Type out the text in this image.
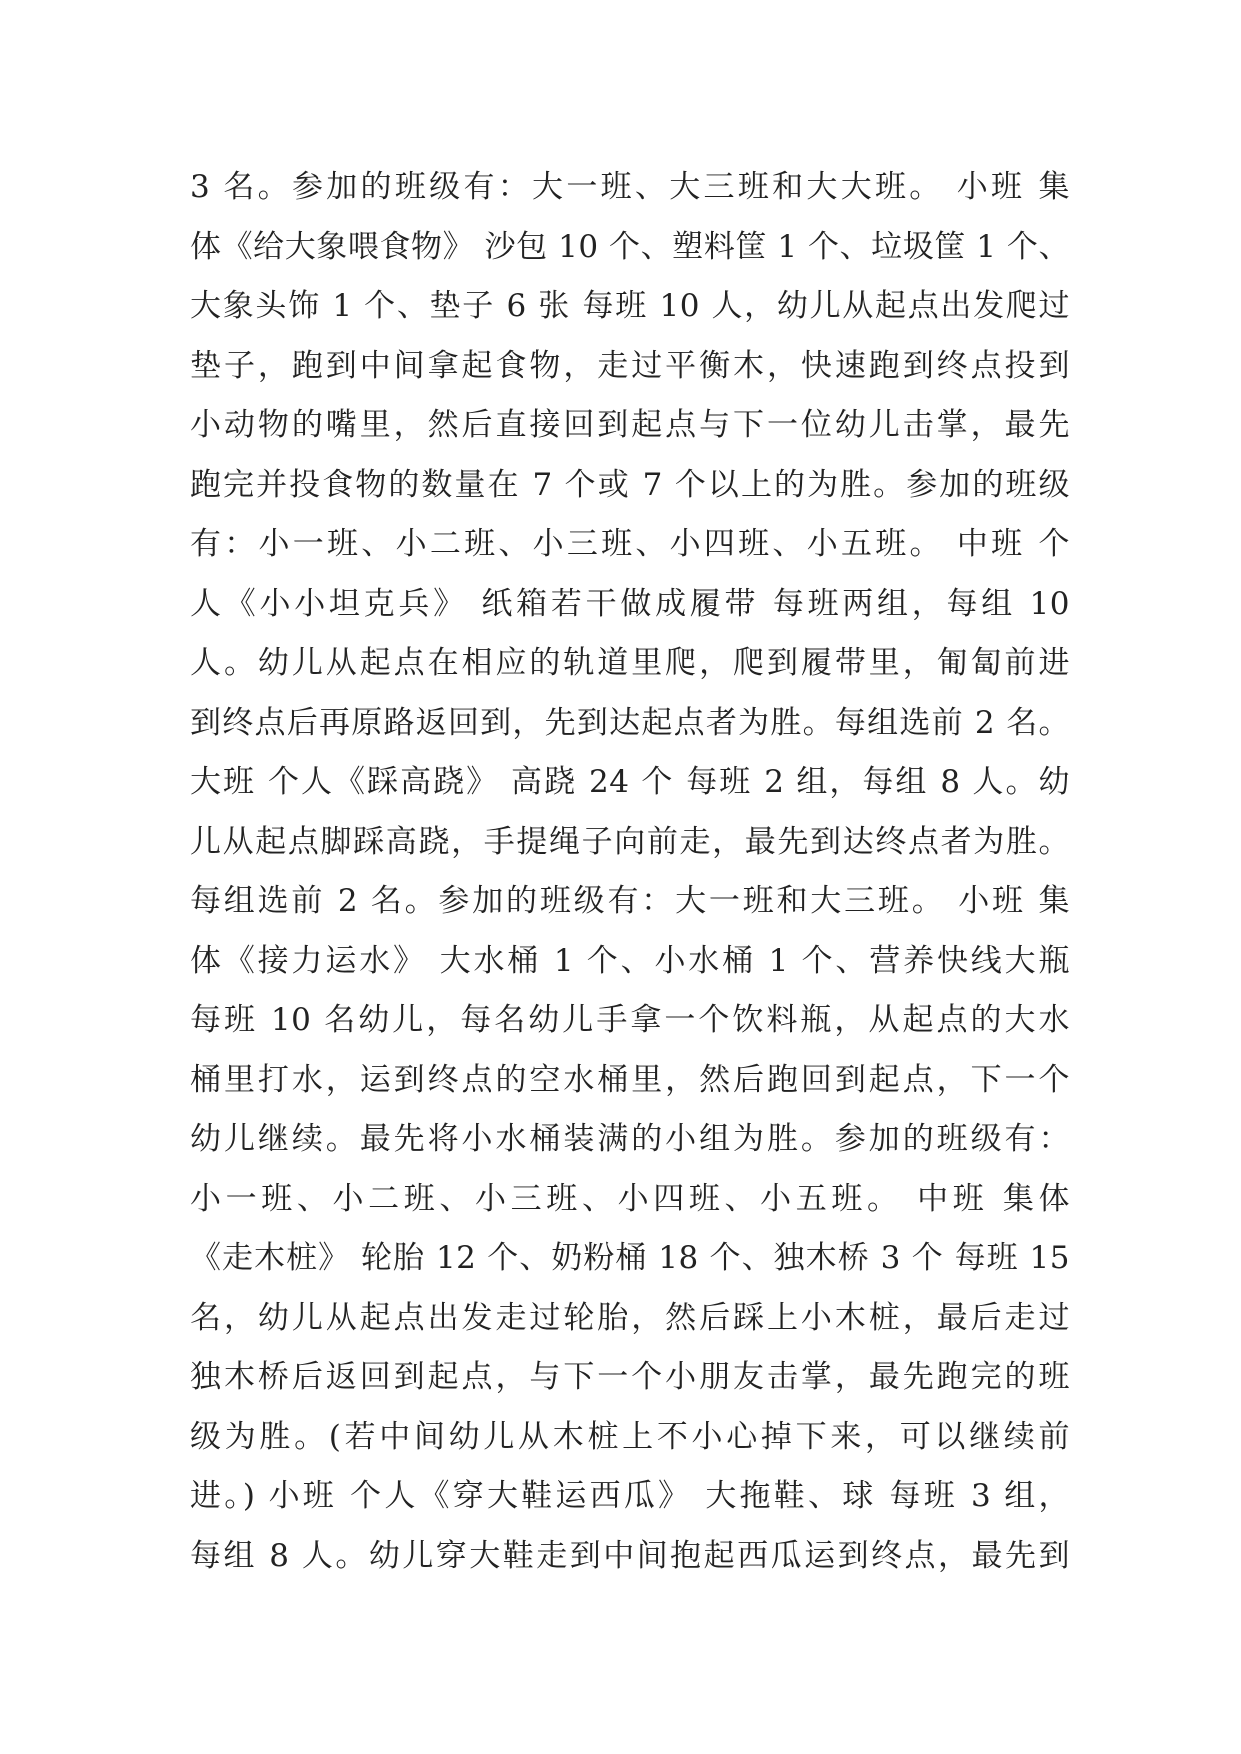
3 名。参加的班级有：大一班、大三班和大大班。 小班 集
体《给大象喂食物》 沙包 10 个、塑料筐 1 个、垃圾筐 1 个、
大象头饰 1 个、垫子 6 张 每班 10 人，幼儿从起点出发爬过
垫子，跑到中间拿起食物，走过平衡木，快速跑到终点投到
小动物的嘴里，然后直接回到起点与下一位幼儿击掌，最先
跑完并投食物的数量在 7 个或 7 个以上的为胜。参加的班级
有：小一班、小二班、小三班、小四班、小五班。 中班 个
人《小小坦克兵》 纸箱若干做成履带 每班两组，每组 10
人。幼儿从起点在相应的轨道里爬，爬到履带里，匍匐前进
到终点后再原路返回到，先到达起点者为胜。每组选前 2 名。
大班 个人《踩高跷》 高跷 24 个 每班 2 组，每组 8 人。幼
儿从起点脚踩高跷，手提绳子向前走，最先到达终点者为胜。
每组选前 2 名。参加的班级有：大一班和大三班。 小班 集
体《接力运水》 大水桶 1 个、小水桶 1 个、营养快线大瓶
每班 10 名幼儿，每名幼儿手拿一个饮料瓶，从起点的大水
桶里打水，运到终点的空水桶里，然后跑回到起点，下一个
幼儿继续。最先将小水桶装满的小组为胜。参加的班级有：
小一班、小二班、小三班、小四班、小五班。 中班 集体
《走木桩》 轮胎 12 个、奶粉桶 18 个、独木桥 3 个 每班 15
名，幼儿从起点出发走过轮胎，然后踩上小木桩，最后走过
独木桥后返回到起点，与下一个小朋友击掌，最先跑完的班
级为胜。(若中间幼儿从木桩上不小心掉下来，可以继续前
进。) 小班 个人《穿大鞋运西瓜》 大拖鞋、球 每班 3 组，
每组 8 人。幼儿穿大鞋走到中间抱起西瓜运到终点，最先到
